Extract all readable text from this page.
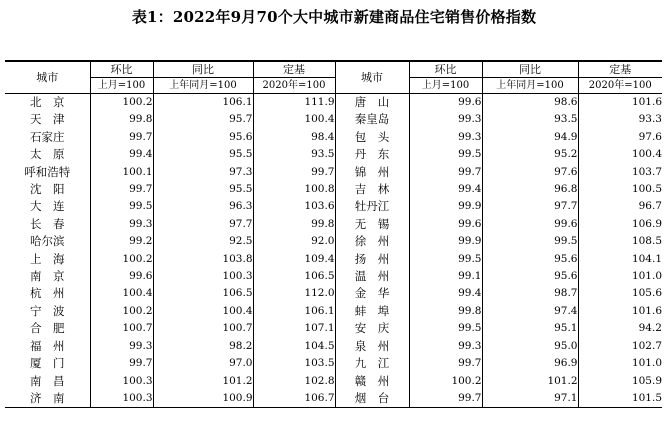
表1：2022年9月70个大中城市新建商品住宅销售价格指数
城市	环比	同比	定基	城市	环比	同比	定基
	上月=100	上年同月=100	2020年=100		上月=100	上年同月=100	2020年=100
北　京	100.2	106.1	111.9	唐　山	99.6	98.6	101.6
天　津	99.8	95.7	100.4	秦皇岛	99.3	93.5	93.3
石家庄	99.7	95.6	98.4	包　头	99.3	94.9	97.6
太　原	99.4	95.5	93.5	丹　东	99.5	95.2	100.4
呼和浩特	100.1	97.3	99.7	锦　州	99.7	97.6	103.7
沈　阳	99.7	95.5	100.8	吉　林	99.4	96.8	100.5
大　连	99.5	96.3	103.6	牡丹江	99.9	97.7	96.7
长　春	99.3	97.7	99.8	无　锡	99.6	99.6	106.9
哈尔滨	99.2	92.5	92.0	徐　州	99.9	99.5	108.5
上　海	100.2	103.8	109.4	扬　州	99.5	95.6	104.1
南　京	99.6	100.3	106.5	温　州	99.1	95.6	101.0
杭　州	100.4	106.5	112.0	金　华	99.4	98.7	105.6
宁　波	100.2	100.4	106.1	蚌　埠	99.8	97.4	101.6
合　肥	100.7	100.7	107.1	安　庆	99.5	95.1	94.2
福　州	99.3	98.2	104.5	泉　州	99.3	95.0	102.7
厦　门	99.7	97.0	103.5	九　江	99.7	96.9	101.0
南　昌	100.3	101.2	102.8	赣　州	100.2	101.2	105.9
济　南	100.3	100.9	106.7	烟　台	99.7	97.1	101.5
